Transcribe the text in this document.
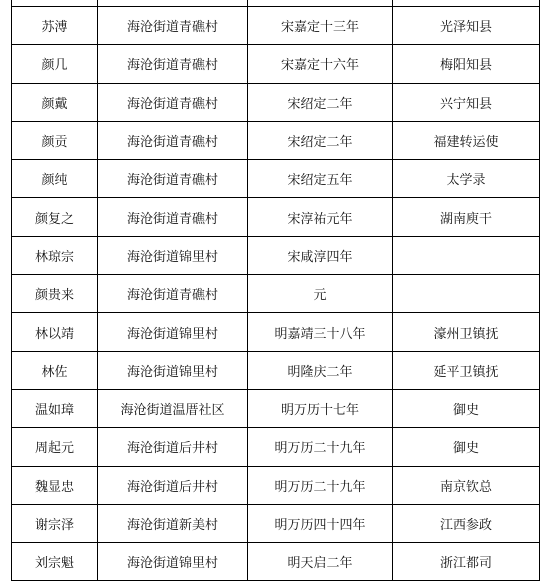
苏溥	海沧街道青礁村	宋嘉定十三年	光泽知县
颜几	海沧街道青礁村	宋嘉定十六年	梅阳知县
颜戴	海沧街道青礁村	宋绍定二年	兴宁知县
颜贡	海沧街道青礁村	宋绍定二年	福建转运使
颜纯	海沧街道青礁村	宋绍定五年	太学录
颜复之	海沧街道青礁村	宋淳祐元年	湖南庾干
林琼宗	海沧街道锦里村	宋咸淳四年	
颜贵来	海沧街道青礁村	元	
林以靖	海沧街道锦里村	明嘉靖三十八年	濠州卫镇抚
林佐	海沧街道锦里村	明隆庆二年	延平卫镇抚
温如璋	海沧街道温厝社区	明万历十七年	御史
周起元	海沧街道后井村	明万历二十九年	御史
魏显忠	海沧街道后井村	明万历二十九年	南京钦总
谢宗泽	海沧街道新美村	明万历四十四年	江西参政
刘宗魁	海沧街道锦里村	明天启二年	浙江都司
